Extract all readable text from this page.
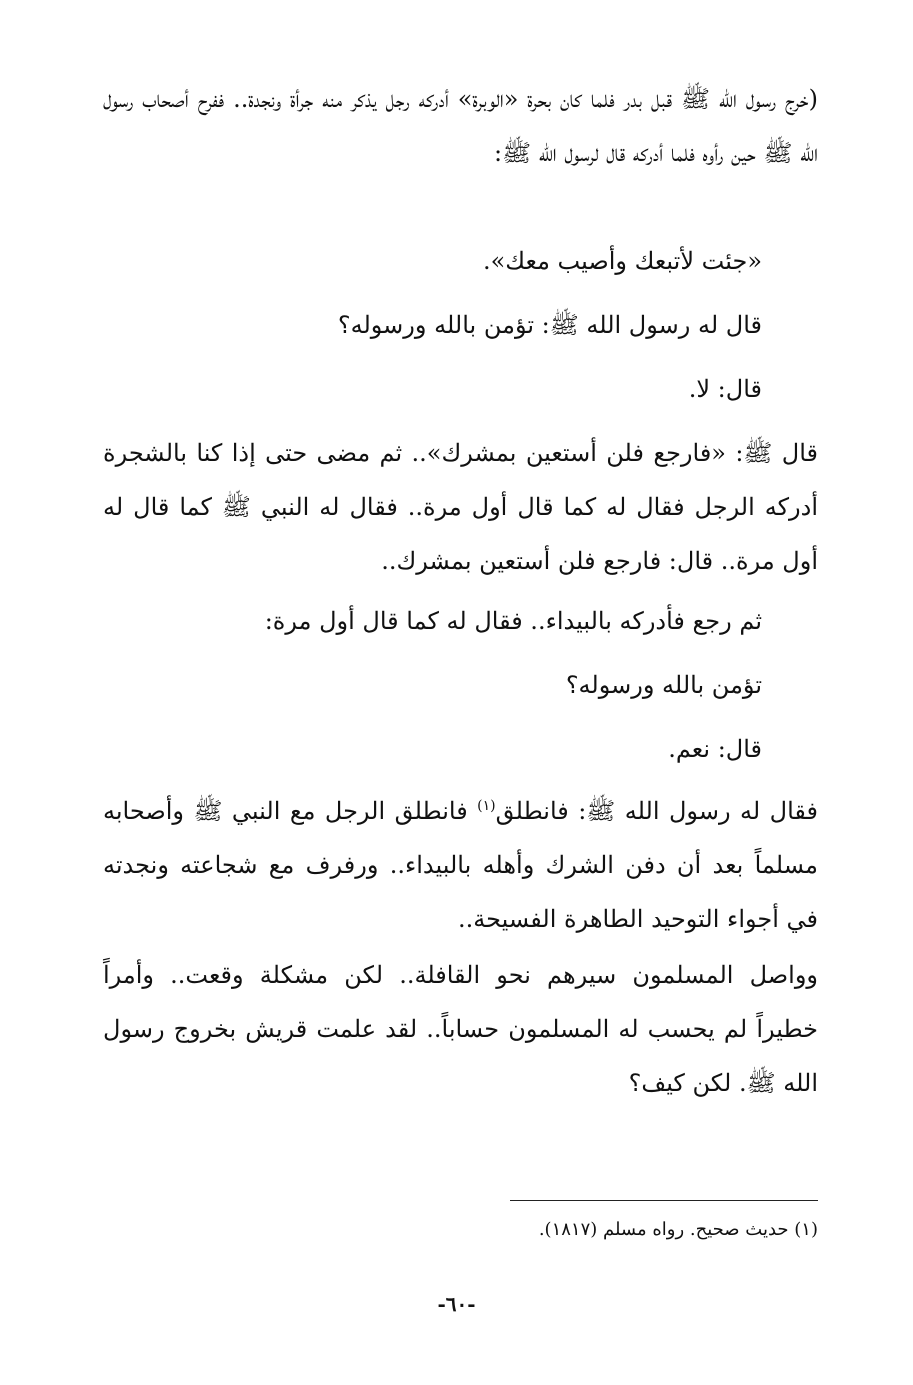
(خرج رسول الله ﷺ قبل بدر فلما كان بحرة «الوبرة» أدركه رجل يذكر منه جرأة ونجدة.. ففرح أصحاب رسول الله ﷺ حين رأوه فلما أدركه قال لرسول الله ﷺ:

«جئت لأتبعك وأصيب معك».

قال له رسول الله ﷺ: تؤمن بالله ورسوله؟

قال: لا.

قال ﷺ: «فارجع فلن أستعين بمشرك».. ثم مضى حتى إذا كنا بالشجرة أدركه الرجل فقال له كما قال أول مرة.. فقال له النبي ﷺ كما قال له أول مرة.. قال: فارجع فلن أستعين بمشرك..

ثم رجع فأدركه بالبيداء.. فقال له كما قال أول مرة:

تؤمن بالله ورسوله؟

قال: نعم.

فقال له رسول الله ﷺ: فانطلق$^{(١)}$ فانطلق الرجل مع النبي ﷺ وأصحابه مسلماً بعد أن دفن الشرك وأهله بالبيداء.. ورفرف مع شجاعته ونجدته في أجواء التوحيد الطاهرة الفسيحة..

وواصل المسلمون سيرهم نحو القافلة.. لكن مشكلة وقعت.. وأمراً خطيراً لم يحسب له المسلمون حساباً.. لقد علمت قريش بخروج رسول الله ﷺ. لكن كيف؟

(١) حديث صحيح. رواه مسلم (١٨١٧).
-٦٠-
